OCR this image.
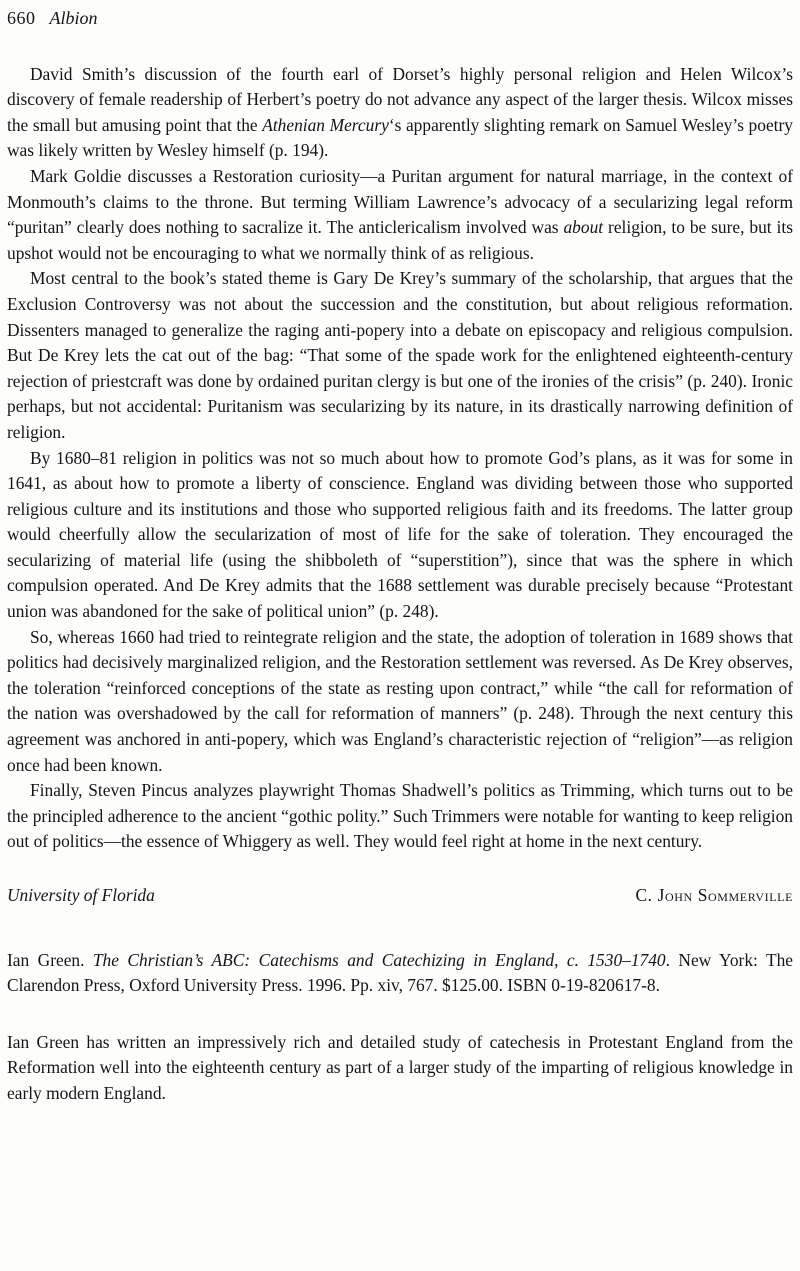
660 Albion

David Smith’s discussion of the fourth earl of Dorset’s highly personal religion and Helen Wilcox’s discovery of female readership of Herbert’s poetry do not advance any aspect of the larger thesis. Wilcox misses the small but amusing point that the Athenian Mercury‘s apparently slighting remark on Samuel Wesley’s poetry was likely written by Wesley himself (p. 194).

Mark Goldie discusses a Restoration curiosity—a Puritan argument for natural marriage, in the context of Monmouth’s claims to the throne. But terming William Lawrence’s advocacy of a secularizing legal reform “puritan” clearly does nothing to sacralize it. The anticlericalism involved was about religion, to be sure, but its upshot would not be encouraging to what we normally think of as religious.

Most central to the book’s stated theme is Gary De Krey’s summary of the scholarship, that argues that the Exclusion Controversy was not about the succession and the constitution, but about religious reformation. Dissenters managed to generalize the raging anti-popery into a debate on episcopacy and religious compulsion. But De Krey lets the cat out of the bag: “That some of the spade work for the enlightened eighteenth-century rejection of priestcraft was done by ordained puritan clergy is but one of the ironies of the crisis” (p. 240). Ironic perhaps, but not accidental: Puritanism was secularizing by its nature, in its drastically narrowing definition of religion.

By 1680–81 religion in politics was not so much about how to promote God’s plans, as it was for some in 1641, as about how to promote a liberty of conscience. England was dividing between those who supported religious culture and its institutions and those who supported religious faith and its freedoms. The latter group would cheerfully allow the secularization of most of life for the sake of toleration. They encouraged the secularizing of material life (using the shibboleth of “superstition”), since that was the sphere in which compulsion operated. And De Krey admits that the 1688 settlement was durable precisely because “Protestant union was abandoned for the sake of political union” (p. 248).

So, whereas 1660 had tried to reintegrate religion and the state, the adoption of toleration in 1689 shows that politics had decisively marginalized religion, and the Restoration settlement was reversed. As De Krey observes, the toleration “reinforced conceptions of the state as resting upon contract,” while “the call for reformation of the nation was overshadowed by the call for reformation of manners” (p. 248). Through the next century this agreement was anchored in anti-popery, which was England’s characteristic rejection of “religion”—as religion once had been known.

Finally, Steven Pincus analyzes playwright Thomas Shadwell’s politics as Trimming, which turns out to be the principled adherence to the ancient “gothic polity.” Such Trimmers were notable for wanting to keep religion out of politics—the essence of Whiggery as well. They would feel right at home in the next century.

University of Florida	C. John Sommerville

Ian Green. The Christian’s ABC: Catechisms and Catechizing in England, c. 1530–1740. New York: The Clarendon Press, Oxford University Press. 1996. Pp. xiv, 767. $125.00. ISBN 0-19-820617-8.

Ian Green has written an impressively rich and detailed study of catechesis in Protestant England from the Reformation well into the eighteenth century as part of a larger study of the imparting of religious knowledge in early modern England.
